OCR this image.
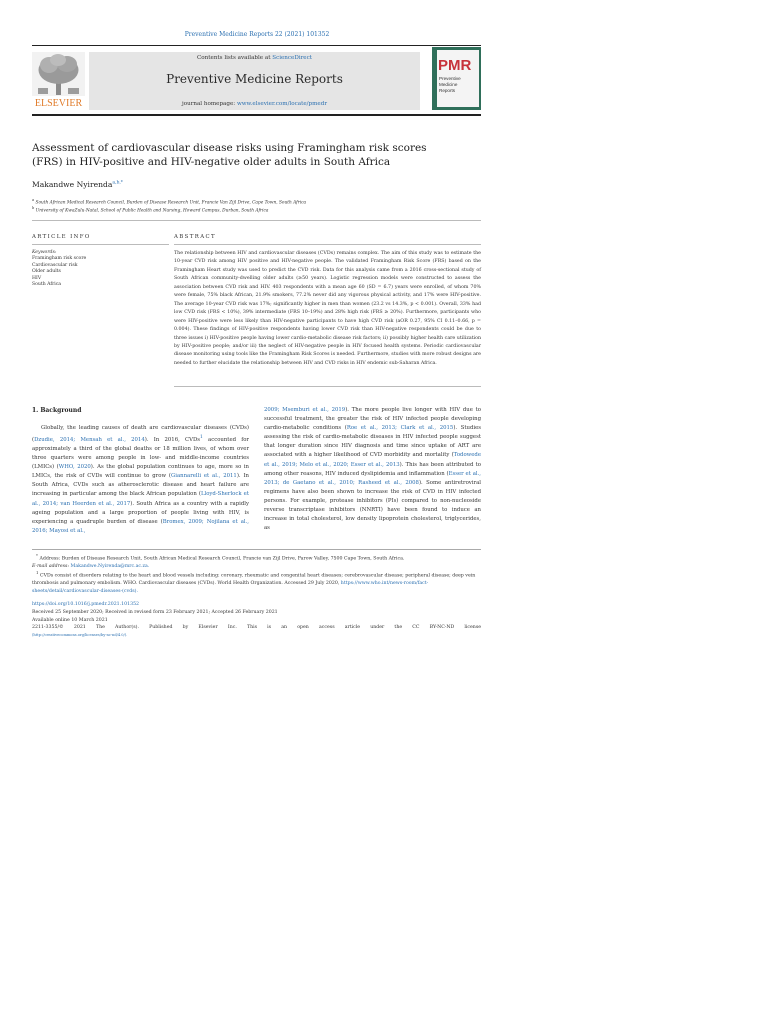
Preventive Medicine Reports 22 (2021) 101352
ELSEVIER
Contents lists available at ScienceDirect
Preventive Medicine Reports
journal homepage: www.elsevier.com/locate/pmedr
PMR
Preventive
Medicine
Reports
Assessment of cardiovascular disease risks using Framingham risk scores (FRS) in HIV-positive and HIV-negative older adults in South Africa
Makandwe Nyirenda$^{a,b,*}$
$^a$ South African Medical Research Council, Burden of Disease Research Unit, Francie Van Zijl Drive, Cape Town, South Africa
$^b$ University of KwaZulu-Natal, School of Public Health and Nursing, Howard Campus, Durban, South Africa
ARTICLE INFO	ABSTRACT
Keywords:
Framingham risk score
Cardiovascular risk
Older adults
HIV
South Africa
The relationship between HIV and cardiovascular diseases (CVDs) remains complex. The aim of this study was to estimate the 10-year CVD risk among HIV positive and HIV-negative people. The validated Framingham Risk Score (FRS) based on the Framingham Heart study was used to predict the CVD risk. Data for this analysis came from a 2016 cross-sectional study of South African community-dwelling older adults (≥50 years). Logistic regression models were constructed to assess the association between CVD risk and HIV. 403 respondents with a mean age 60 (SD = 6.7) years were enrolled, of whom 70% were female, 75% black African, 21.9% smokers, 77.2% never did any vigorous physical activity, and 17% were HIV-positive. The average 10-year CVD risk was 17%; significantly higher in men than women (23.2 vs 14.3%, p < 0.001). Overall, 33% had low CVD risk (FRS < 10%), 39% intermediate (FRS 10–19%) and 28% high risk (FRS ≥ 20%). Furthermore, participants who were HIV-positive were less likely than HIV-negative participants to have high CVD risk (aOR 0.27, 95% CI 0.11–0.66, p = 0.004). These findings of HIV-positive respondents having lower CVD risk than HIV-negative respondents could be due to three issues i) HIV-positive people having lower cardio-metabolic disease risk factors; ii) possibly higher health care utilization by HIV-positive people; and/or iii) the neglect of HIV-negative people in HIV focused health systems. Periodic cardiovascular disease monitoring using tools like the Framingham Risk Scores is needed. Furthermore, studies with more robust designs are needed to further elucidate the relationship between HIV and CVD risks in HIV endemic sub-Saharan Africa.
1. Background
Globally, the leading causes of death are cardiovascular diseases (CVDs) (Dzudie, 2014; Mensah et al., 2014). In 2016, CVDs$^1$ accounted for approximately a third of the global deaths or 18 million lives, of whom over three quarters were among people in low- and middle-income countries (LMICs) (WHO, 2020). As the global population continues to age, more so in LMICs, the risk of CVDs will continue to grow (Giannarelli et al., 2011). In South Africa, CVDs such as atherosclerotic disease and heart failure are increasing in particular among the black African population (Lloyd-Sherlock et al., 2014; van Heerden et al., 2017). South Africa as a country with a rapidly ageing population and a large proportion of people living with HIV, is experiencing a quadruple burden of disease (Bromex, 2009; Nojilana et al., 2016; Mayosi et al.,
2009; Msemburi et al., 2019). The more people live longer with HIV due to successful treatment, the greater the risk of HIV infected people developing cardio-metabolic conditions (Roe et al., 2013; Clark et al., 2015). Studies assessing the risk of cardio-metabolic diseases in HIV infected people suggest that longer duration since HIV diagnosis and time since uptake of ART are associated with a higher likelihood of CVD morbidity and mortality (Todowede et al., 2019; Melo et al., 2020; Esser et al., 2013). This has been attributed to among other reasons, HIV induced dyslipidemia and inflammation (Esser et al., 2013; de Gaetano et al., 2010; Rasheed et al., 2008). Some antiretroviral regimens have also been shown to increase the risk of CVD in HIV infected persons. For example, protease inhibitors (PIs) compared to non-nucleoside reverse transcriptase inhibitors (NNRTI) have been found to induce an increase in total cholesterol, low density lipoprotein cholesterol, triglycerides, as
* Address: Burden of Disease Research Unit, South African Medical Research Council, Francie van Zijl Drive, Parow Valley, 7500 Cape Town, South Africa.
E-mail address: Makandwe.Nyirenda@mrc.ac.za.
$^1$ CVDs consist of disorders relating to the heart and blood vessels including: coronary, rheumatic and congenital heart diseases; cerebrovascular disease; peripheral disease; deep vein thrombosis and pulmonary embolism. WHO. Cardiovascular diseases (CVDs). World Health Organization. Accessed 29 July 2020, https://www.who.int/news-room/fact-sheets/detail/cardiovascular-diseases-(cvds).
https://doi.org/10.1016/j.pmedr.2021.101352
Received 25 September 2020; Received in revised form 23 February 2021; Accepted 26 February 2021
Available online 10 March 2021
2211-3355/© 2021 The Author(s). Published by Elsevier Inc. This is an open access article under the CC BY-NC-ND license
(http://creativecommons.org/licenses/by-nc-nd/4.0/).
